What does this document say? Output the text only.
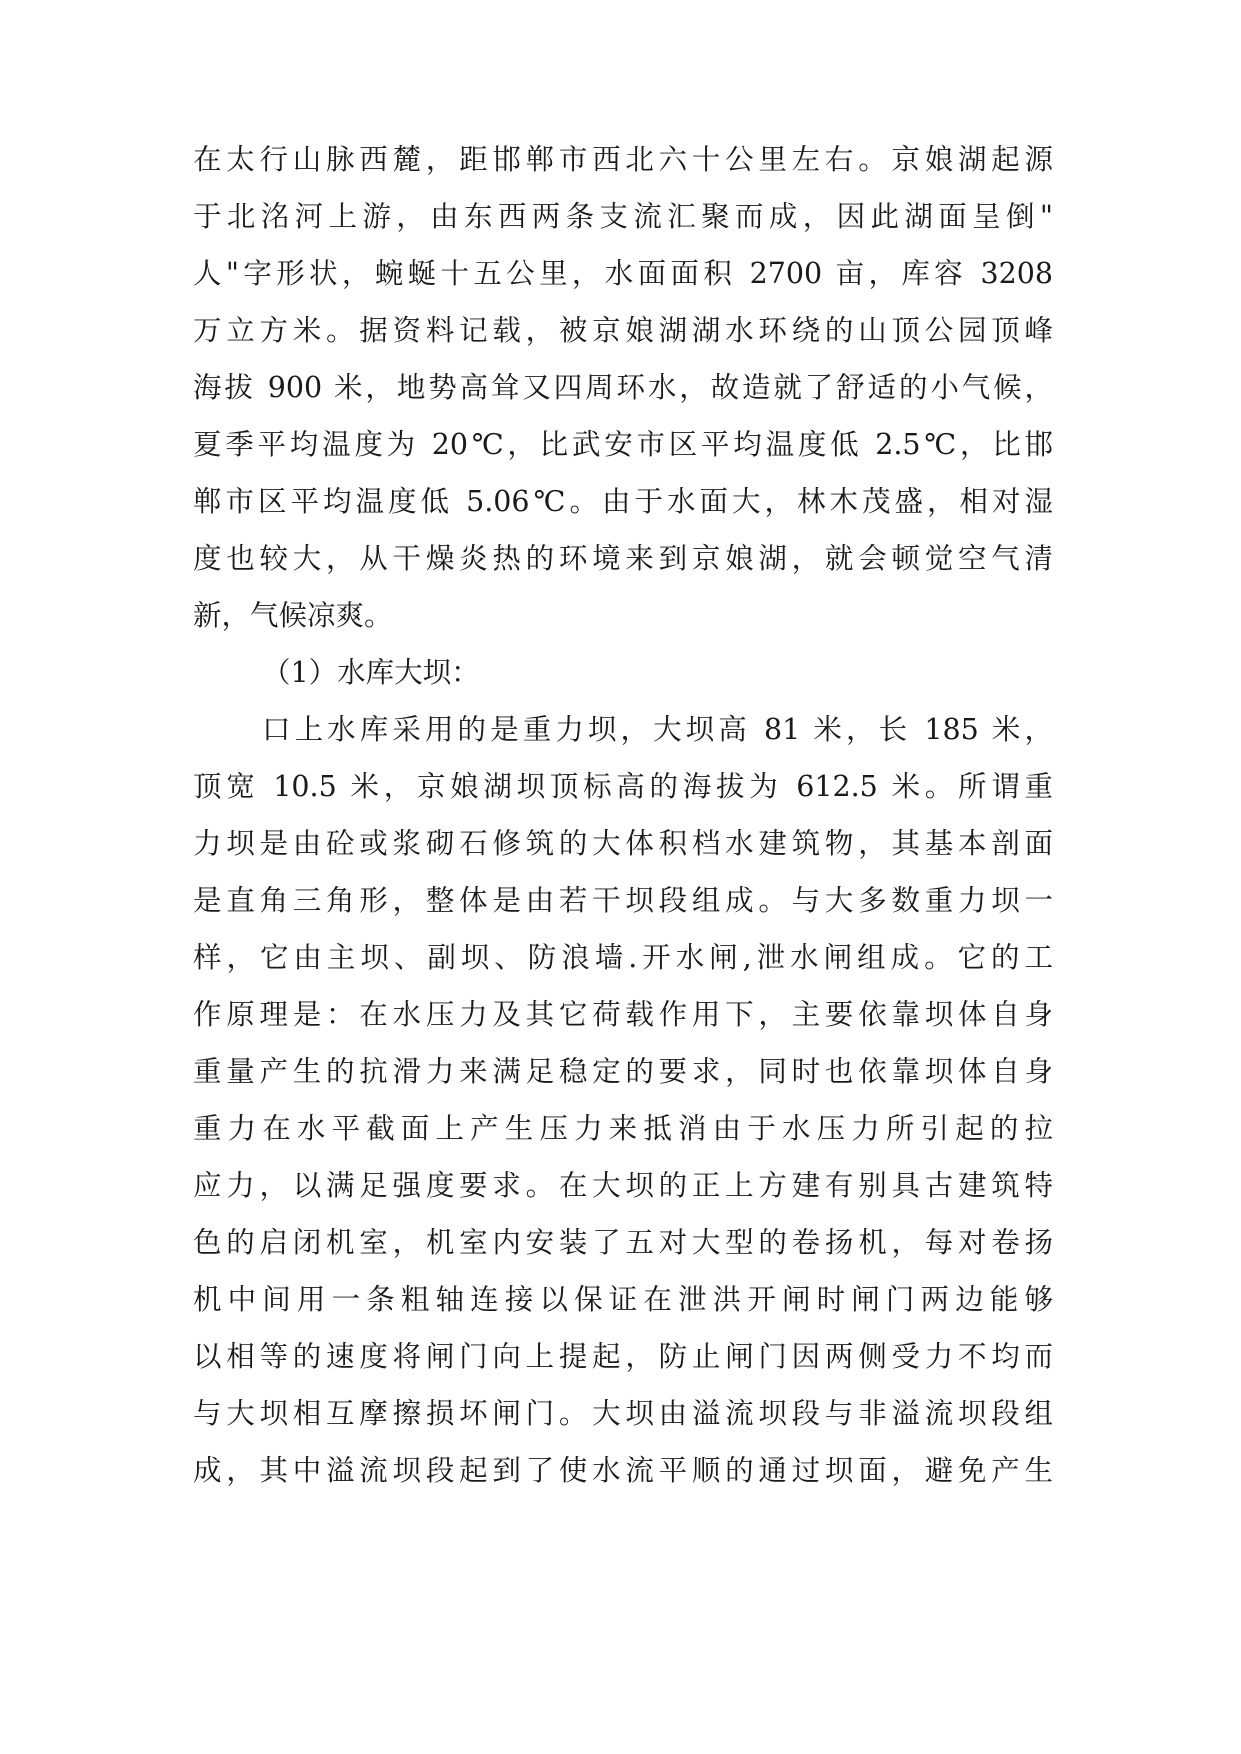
在太行山脉西麓，距邯郸市西北六十公里左右。京娘湖起源
于北洺河上游，由东西两条支流汇聚而成，因此湖面呈倒"
人"字形状，蜿蜒十五公里，水面面积 2700 亩，库容 3208
万立方米。据资料记载，被京娘湖湖水环绕的山顶公园顶峰
海拔 900 米，地势高耸又四周环水，故造就了舒适的小气候，
夏季平均温度为 20℃，比武安市区平均温度低 2.5℃，比邯
郸市区平均温度低 5.06℃。由于水面大，林木茂盛，相对湿
度也较大，从干燥炎热的环境来到京娘湖，就会顿觉空气清
新，气候凉爽。
（1）水库大坝：
口上水库采用的是重力坝，大坝高 81 米，长 185 米，
顶宽 10.5 米，京娘湖坝顶标高的海拔为 612.5 米。所谓重
力坝是由砼或浆砌石修筑的大体积档水建筑物，其基本剖面
是直角三角形，整体是由若干坝段组成。与大多数重力坝一
样，它由主坝、副坝、防浪墙.开水闸,泄水闸组成。它的工
作原理是：在水压力及其它荷载作用下，主要依靠坝体自身
重量产生的抗滑力来满足稳定的要求，同时也依靠坝体自身
重力在水平截面上产生压力来抵消由于水压力所引起的拉
应力，以满足强度要求。在大坝的正上方建有别具古建筑特
色的启闭机室，机室内安装了五对大型的卷扬机，每对卷扬
机中间用一条粗轴连接以保证在泄洪开闸时闸门两边能够
以相等的速度将闸门向上提起，防止闸门因两侧受力不均而
与大坝相互摩擦损坏闸门。大坝由溢流坝段与非溢流坝段组
成，其中溢流坝段起到了使水流平顺的通过坝面，避免产生
